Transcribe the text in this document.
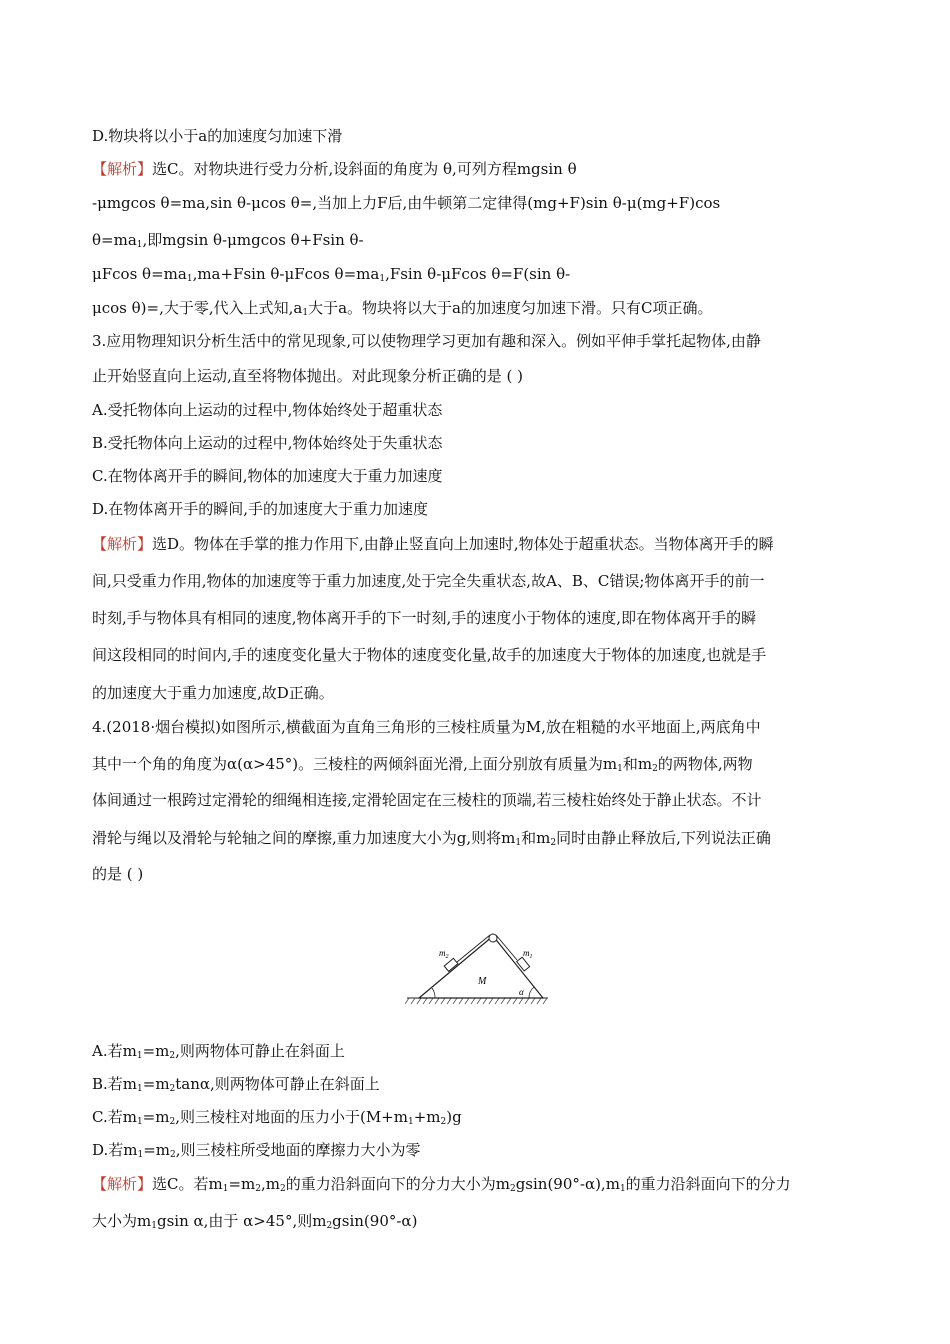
D.物块将以小于a的加速度匀加速下滑
【解析】选C。对物块进行受力分析,设斜面的角度为 θ,可列方程mgsin θ
-μmgcos θ=ma,sin θ-μcos θ=,当加上力F后,由牛顿第二定律得(mg+F)sin θ-μ(mg+F)cos
$\theta=ma_1$,即mgsin θ-μmgcos θ+Fsin θ-
μFcos $\theta=ma_1,ma+Fsin$ θ-μFcos $\theta=ma_1,Fsin$ θ-μFcos θ=F(sin θ-
μcos θ)=,大于零,代入上式知$,a_1$大于a。物块将以大于a的加速度匀加速下滑。只有C项正确。
3.应用物理知识分析生活中的常见现象,可以使物理学习更加有趣和深入。例如平伸手掌托起物体,由静
止开始竖直向上运动,直至将物体抛出。对此现象分析正确的是 ( )
A.受托物体向上运动的过程中,物体始终处于超重状态
B.受托物体向上运动的过程中,物体始终处于失重状态
C.在物体离开手的瞬间,物体的加速度大于重力加速度
D.在物体离开手的瞬间,手的加速度大于重力加速度
【解析】选D。物体在手掌的推力作用下,由静止竖直向上加速时,物体处于超重状态。当物体离开手的瞬
间,只受重力作用,物体的加速度等于重力加速度,处于完全失重状态,故A、B、C错误;物体离开手的前一
时刻,手与物体具有相同的速度,物体离开手的下一时刻,手的速度小于物体的速度,即在物体离开手的瞬
间这段相同的时间内,手的速度变化量大于物体的速度变化量,故手的加速度大于物体的加速度,也就是手
的加速度大于重力加速度,故D正确。
4.(2018·烟台模拟)如图所示,横截面为直角三角形的三棱柱质量为M,放在粗糙的水平地面上,两底角中
其中一个角的角度为α(α>45°)。三棱柱的两倾斜面光滑,上面分别放有质量为$m_1$和$m_2$的两物体,两物
体间通过一根跨过定滑轮的细绳相连接,定滑轮固定在三棱柱的顶端,若三棱柱始终处于静止状态。不计
滑轮与绳以及滑轮与轮轴之间的摩擦,重力加速度大小为g,则将$m_1$和$m_2$同时由静止释放后,下列说法正确
的是 ( )
$m_2$	$m_1$
M
α
A.若$m_1=m_2$,则两物体可静止在斜面上
B.若$m_1=m_2\tan\alpha$,则两物体可静止在斜面上
C.若$m_1=m_2$,则三棱柱对地面的压力小于$(M+m_1+m_2)g$
D.若$m_1=m_2$,则三棱柱所受地面的摩擦力大小为零
【解析】选C。若$m_1=m_2,m_2$的重力沿斜面向下的分力大小为$m_2gsin(90^\circ-\alpha),m_1$的重力沿斜面向下的分力
大小为$m_1gsin$ α,由于 α>45°,则$m_2gsin(90^\circ-\alpha)$
